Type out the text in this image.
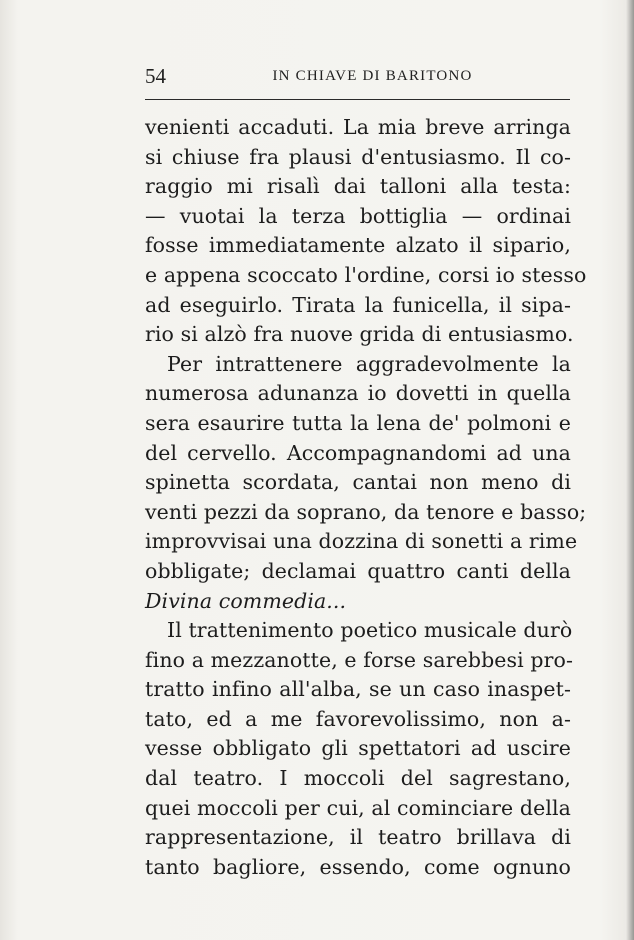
54	IN CHIAVE DI BARITONO
venienti accaduti. La mia breve arringa
si chiuse fra plausi d'entusiasmo. Il co-
raggio mi risalì dai talloni alla testa:
— vuotai la terza bottiglia — ordinai
fosse immediatamente alzato il sipario,
e appena scoccato l'ordine, corsi io stesso
ad eseguirlo. Tirata la funicella, il sipa-
rio si alzò fra nuove grida di entusiasmo.
Per intrattenere aggradevolmente la
numerosa adunanza io dovetti in quella
sera esaurire tutta la lena de' polmoni e
del cervello. Accompagnandomi ad una
spinetta scordata, cantai non meno di
venti pezzi da soprano, da tenore e basso;
improvvisai una dozzina di sonetti a rime
obbligate; declamai quattro canti della
Divina commedia...
Il trattenimento poetico musicale durò
fino a mezzanotte, e forse sarebbesi pro-
tratto infino all'alba, se un caso inaspet-
tato, ed a me favorevolissimo, non a-
vesse obbligato gli spettatori ad uscire
dal teatro. I moccoli del sagrestano,
quei moccoli per cui, al cominciare della
rappresentazione, il teatro brillava di
tanto bagliore, essendo, come ognuno
